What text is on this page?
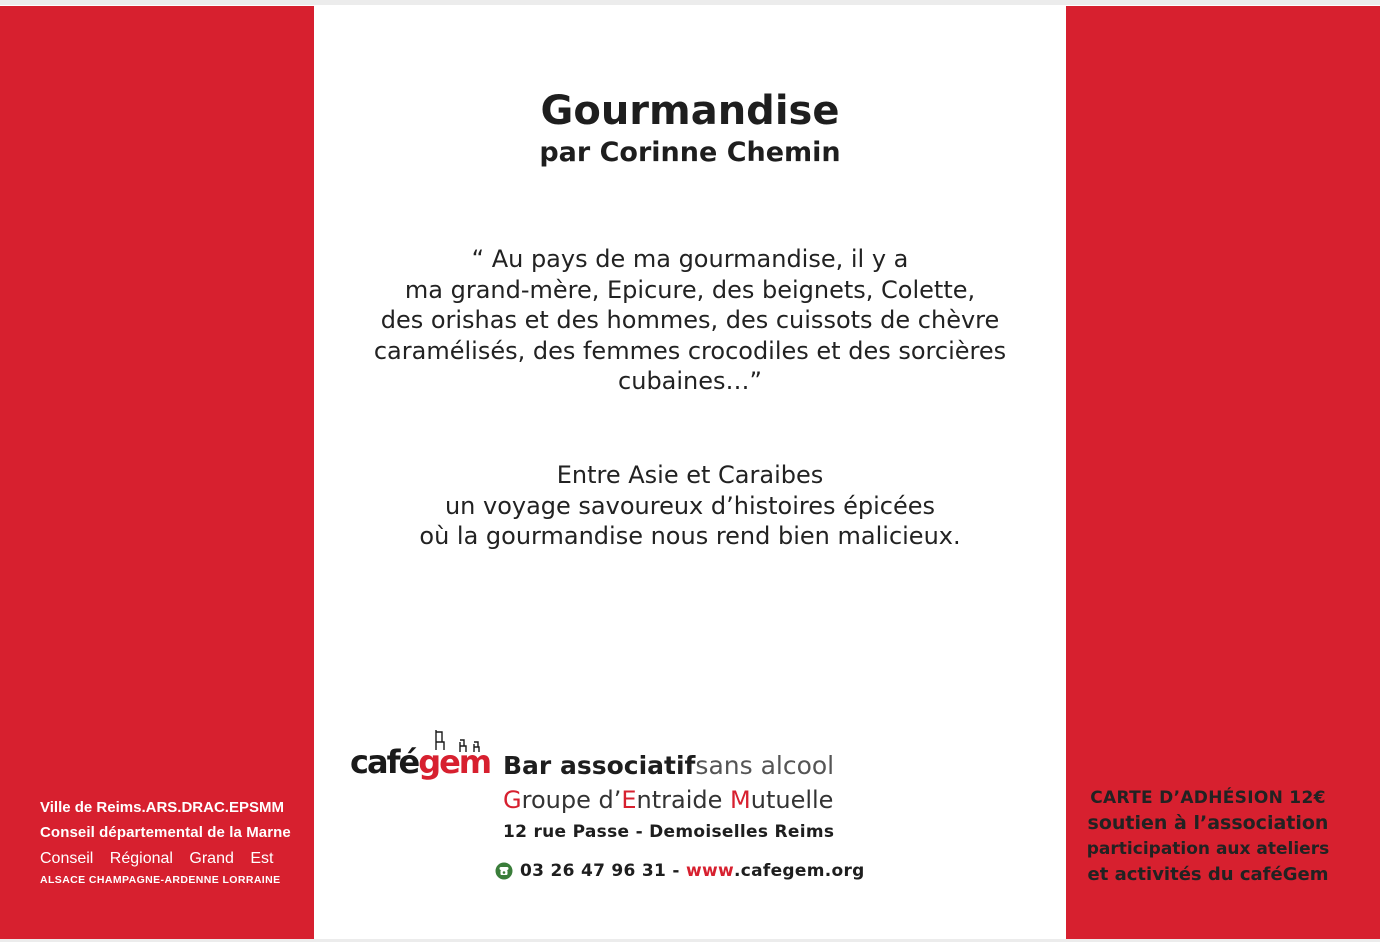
Ville de Reims.ARS.DRAC.EPSMM
Conseil départemental de la Marne
Conseil Régional Grand Est
ALSACE CHAMPAGNE-ARDENNE LORRAINE
CARTE D’ADHÉSION 12€
soutien à l’association
participation aux ateliers
et activités du caféGem
Gourmandise
par Corinne Chemin
“ Au pays de ma gourmandise, il y a
ma grand-mère, Epicure, des beignets, Colette,
des orishas et des hommes, des cuissots de chèvre
caramélisés, des femmes crocodiles et des sorcières
cubaines…”
Entre Asie et Caraibes
un voyage savoureux d’histoires épicées
où la gourmandise nous rend bien malicieux.
cafégem Bar associatifsans alcool
Groupe d’Entraide Mutuelle
12 rue Passe - Demoiselles Reims
03 26 47 96 31 - www .cafegem.org
